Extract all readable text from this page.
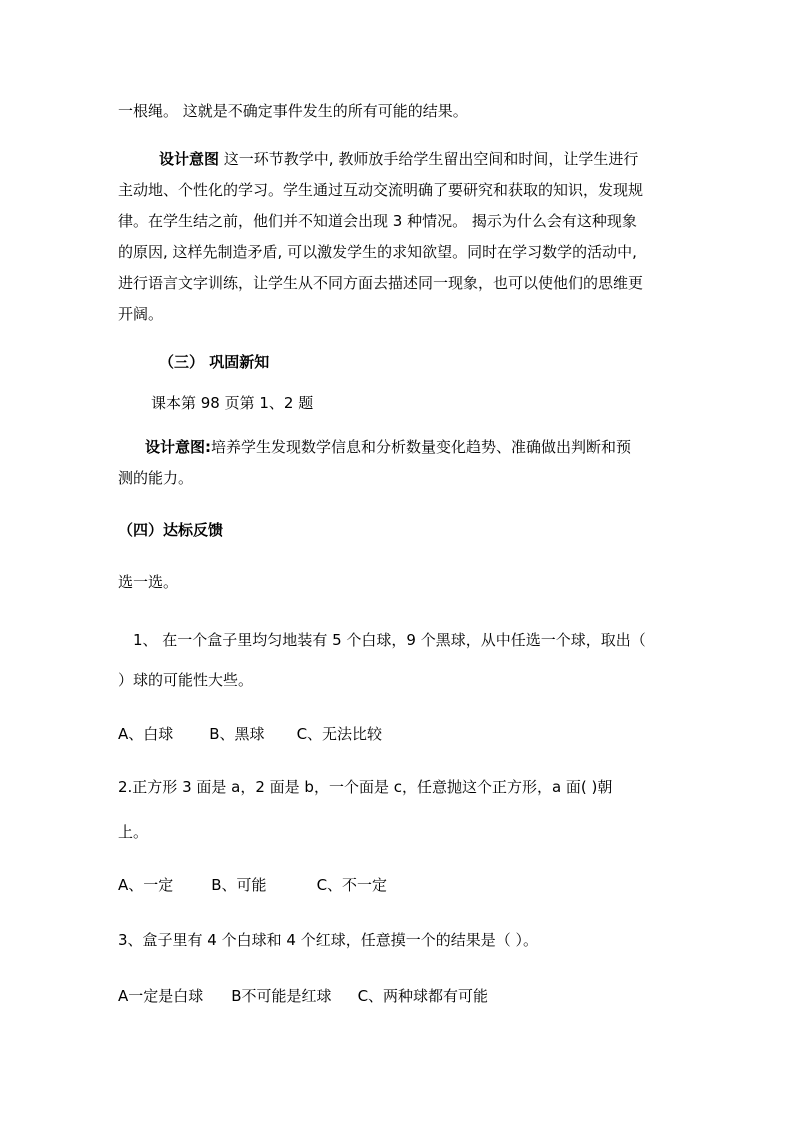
一根绳。 这就是不确定事件发生的所有可能的结果。
设计意图 这一环节教学中, 教师放手给学生留出空间和时间，让学生进行
主动地、个性化的学习。学生通过互动交流明确了要研究和获取的知识，发现规
律。在学生结之前，他们并不知道会出现 3 种情况。 揭示为什么会有这种现象
的原因, 这样先制造矛盾, 可以激发学生的求知欲望。同时在学习数学的活动中,
进行语言文字训练，让学生从不同方面去描述同一现象，也可以使他们的思维更
开阔。
（三） 巩固新知
课本第 98 页第 1、2 题
设计意图:培养学生发现数学信息和分析数量变化趋势、准确做出判断和预
测的能力。
（四）达标反馈
选一选。
1、 在一个盒子里均匀地装有 5 个白球，9 个黑球，从中任选一个球，取出（
）球的可能性大些。
A、白球 B、黑球 C、无法比较
2.正方形 3 面是 a，2 面是 b，一个面是 c，任意抛这个正方形，a 面( )朝
上。
A、一定	B、可能	C、不一定
3、盒子里有 4 个白球和 4 个红球，任意摸一个的结果是（ ）。
A一定是白球 B不可能是红球 C、两种球都有可能
